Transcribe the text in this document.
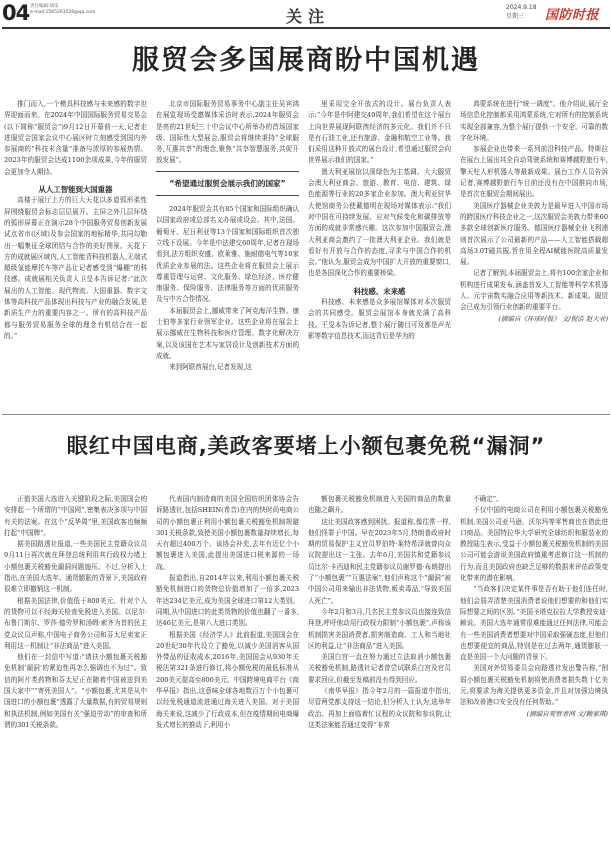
04 责任编辑:胡乐
e-mail:1565263526@qq.com	关注	2024.9.18
星期三	国防时报
服贸会多国展商盼中国机遇

推门而入,一个模具科技感与未来感的数字世界迎面而来。在2024年中国国际服务贸易交易会(以下简称“服贸会”)9月12日开幕前一天,记者走进服贸会国家会议中心展区时立刻感受到国内外参展商的“科技未含量”准备与浓厚的参展热情。2023年的服贸会达成1100余项成果,今年的服贸会更加令人期待。

从人工智能到大国重器

高楼于展厅上方的巨大天花以多道弧形柔性屏围绕服贸会标志层层展开。主屏之外几层环绕的弧形屏幕正在演示28个中国服务贸易创新发展试点省市(区域)及参会国家的地标精华,共同勾勒出一幅集征全球团结与合作的美好图景。天花下方的成就展区域内,人工智能背科技机器人,无端式超级氢能摩托车等产品让记者感受到“爆棚”的科技感。成就展相关负责人卫旻本告诉记者:“此次展出的人工智能、现代物流、大国重器、数字文体等高科技产品体现出科技与产业的融合发展,是新质生产力的重要内容之一。所有的高科技产品都与服务贸易服务全球的理念有机结合在一起的。”

北京市国际服务贸易事务中心副主任吴宾鸿在展览现场受邀媒体采访时表示,2024年服贸会是亮的21世纪三十中会议中心所举办的首场国家级、国际性大型展会,服贸会将继续秉持“全球服务,互惠共享”的理念,聚焦“共享智慧服务,共促开放发展”。

“希望通过服贸会展示我们的国家”

2024年服贸会共有85个国家和国际组织确认以国家政府或总部名义办展或设会。其中,法国、葡萄牙、尼日利亚等13个国家和国际组织首次独立线下设展。今年是中法建交60周年,记者在现场看到,法方组织安盛、欧莱雅、施耐德电气等10家优质企业参展的法。这些企业将在服贸会上展示尊重管理与运营、文化服务、绿色经济、医疗健康服务、保险服务、法律服务等方面的优质服务及与中方合作情况。

本届服贸会上,挪威带来了阿克海洋生物、康士伯等多家行业领军企业。这些企业将在展会上展示挪威在生物科技和医疗管理、数字化解决方案,以及该国在艺术与家居设计及创新技术方面的成就。

来到阿联酋展台,记者发现,这

里采用完全开放式的设计。展台负责人表示:“今年是中阿建交40周年,我们希望在这个展台上向世界展现阿联酋经济的多元化。我们并不只是有石油工业,还有旅游、金融和航空工业等。我们采用这种开放式的展台设计,希望通过服贸会向世界展示我们的国家。”

澳大利亚展馆以深绿色为主基调。大大服贸会澳大利亚商会、旅游、教育、电信、建筑、绿色能源等行业的20多家企业参加。澳大利亚驻华大使馆商务公使戴德明在现场对媒体表示:“我们对中国在可持续发展、应对气候变化和碳排放等方面的成就非常感兴趣。这次参加中国服贸会,澳大利亚商会邀约了一批澳大利亚企业。我们就是看好有开放与合作的态度,寻求与中国合作的机会。”他认为,服贸会成为中国扩大开放的重要窗口,也是各国深化合作的重要桥梁。

科技感、未来感

科技感、未来感是众多展馆媒体对本次服贸会的共同感受。服贸会展馆本身就充满了高科技。王旻本告诉记者,整个展厅随目可及都是声光影等数字信息技术,而这背后是华为的

鸿蒙系统在进行“统一调度”。他介绍说,展厅全场信息化控制都采用鸿蒙系统,它对所有的控制系统实现全部兼容,为整个展厅提供一个安全、可靠的数字化环境。

参展企业也带来一系列前沿科技产品。特斯拉在展台上展出其全自动驾驶系统和赛博越野旅行车,擎天柱人形机器人等最新成果。展台工作人员告诉记者,赛博越野旅行车目前还没有在中国推向市场,是首次在服贸会期间展出。

美国医疗器械企业美敦力是最早进入中国市场的跨国医疗科技企业之一,这次服贸会美敦力带来60多款全球创新医疗服务。德国医疗器械企业飞利浦则首次展示了公司最新的产品——人工智能搭载超高场3.0T磁共振,旨在用全程AI赋能医院高质量发展。

记者了解到,本届服贸会上,将有100余家企业和机构进行成果发布,涵盖首发人工智能等科学术机器人、元宇宙数实融合应用等新技术、新成果。服贸会已成为引领行业创新的重要平台。

(摘编自《环球时报》 文/倪浩 赵大业)

眼红中国电商,美政客要堵上小额包裹免税“漏洞”

正值美国大选进入关键阶段之际,美国国会的安排起一个所谓的“中国网”,密集表决多项与中国有关的法案。在这个“反华周”里,美国政客也频频打起“中国牌”。

据美国路透社报道,一些美国民主党籍众议员9月11日再次就在拜登总统利用其行政权力堵上小额包裹关税豁免漏洞问题施压。不过,分析人士指出,在美国大选年、通货膨胀的背景下,美国政府很难立即撤销这一机制。

根据美国法律,价值低于800美元、针对个人的货物可以不经海关检查免税进入美国。以尼尔·布鲁门斯尔、罗莎·德劳罗和汤姆·索齐为首的民主党众议员声称,中国电子商务公司和芬太尼卖家正利用这一机制让“非法商品”进入美国。

他们在一封信中写道:“请扶小额包裹关税豁免机制‘漏洞’的紧迫性再怎么强调也不为过”。致信的阿片类药物和芬太尼正在随着中国被送到美国大家中”“寄死美国人”。“小额包裹,尤其是从中国进口的小额包裹”透露了大量数据,有的贸易规则和执法机制,例如美国有关“强迫劳动”的审查和所谓的301关税条款。

代表国内制造商的美国全国纺织团体协会告诉路透社,包括SHEIN(希音)在内的快时尚电商公司的小额包裹正利用小额包裹关税豁免机制规避301关税条款,致使美国小额包裹数量持续增长,每天有超过400万个。该协会补充,去年有近亿个小额包裹进入美国,此提出美国进口税来源的一场战。

报道指出,自2014年以来,利用小额包裹关税豁免机制进口的货物总价值增加了一倍多,2023年达234亿美元,成为美国全球进口第12大类别。同期,从中国进口的此类货物的价值也翻了一番多,达46亿美元,是第八大进口类别。

根据美国《经济学人》此前报道,美国国会在20世纪30年代设立了豁免,以减少美国消客从国外带品的征收成本,2016年,美国国会从930年关税法第321条进行修订,将小额免税的最低标准从200美元提高至800美元。中国跨境电商平台《商华早报》指出,这意味全球各地数百万个小包裹可以经免税通道流进通过海关进入美国。对于美国海关来说,这减少了行政成本,但在疫情期间电商爆发式增长的推动下,利用小

额包裹关税豁免机制进入美国的商品的数量也随之飙升。

这让美国政客感到困扰。报道称,像往常一样,他们怪罪于中国。早在2023年5月,特朗普政府时期的贸易保护主义官员罗伯特·莱特希泽就曾向众议院提出这一主张。去年6月,美国共和党籍参议员比尔·卡西迪和民主党籍参议员谢罗德·布朗提出了“小额包裹”“互惠法案”,他们声称这个“漏洞”被中国公司用来输出非法货物,贩卖毒品,“导致美国人死亡”。

今年2月和3月,几名民主党参议员也接连致信拜登,呼吁他动用行政权力限制“小额包裹”,声称该机制损害美国消费者,损害制造商、工人和当地社区的利益,让“非法商品”进入美国。

美国白宫一直在努力通过立法取消小额包裹关税豁免机制,路透社记者曾尝试联系白宫及官员要求回应,但截至发稿前没有得到回应。

《南华早报》指今年2月的一篇报道中指出,尽管两党都支持这一结论,但分析人士认为,选举年政治、再加上面临着忙议程的众议院和参议院,让这类法案能否通过变得“非常

不确定”。

不仅中国的电商公司在利用小额包裹关税豁免机制,美国公司亚马逊、沃尔玛等零售商也在借此进口商品。美国特拉华大学研究全球纺织和服装业的教授陆生表示,受益于小额包裹关税豁免机制的美国公司可能会游说美国政府慎重考虑修订这一机制的行为,而且美国政府也缺乏足够的数据来评估政策变化带来的潜在影响。

“当政客们决定某件事是否有助于他们连任时,他们会弱弄清楚美国消费者说他们想要的和他们实际想要之间的区别。”美国圣塔克拉拉大学教授安迪·赖说。美国大选年通常很难能通过任何法律,可能会有一些美国消费者想要对中国采取强硬态度,但他们也想要便宜的商品,特别是在过去两年,通货膨胀一直是美国一个大问题的背景下。

美国对外贸易委员会向路透社发出警告称,“削弱小额包裹关税豁免机制将使消费者损失数十亿美元,将要求为海关提供更多资金,并且对加强边境执法和改善港口安全没有任何帮助。”

(摘编自观察者网 文/赖家琪)
